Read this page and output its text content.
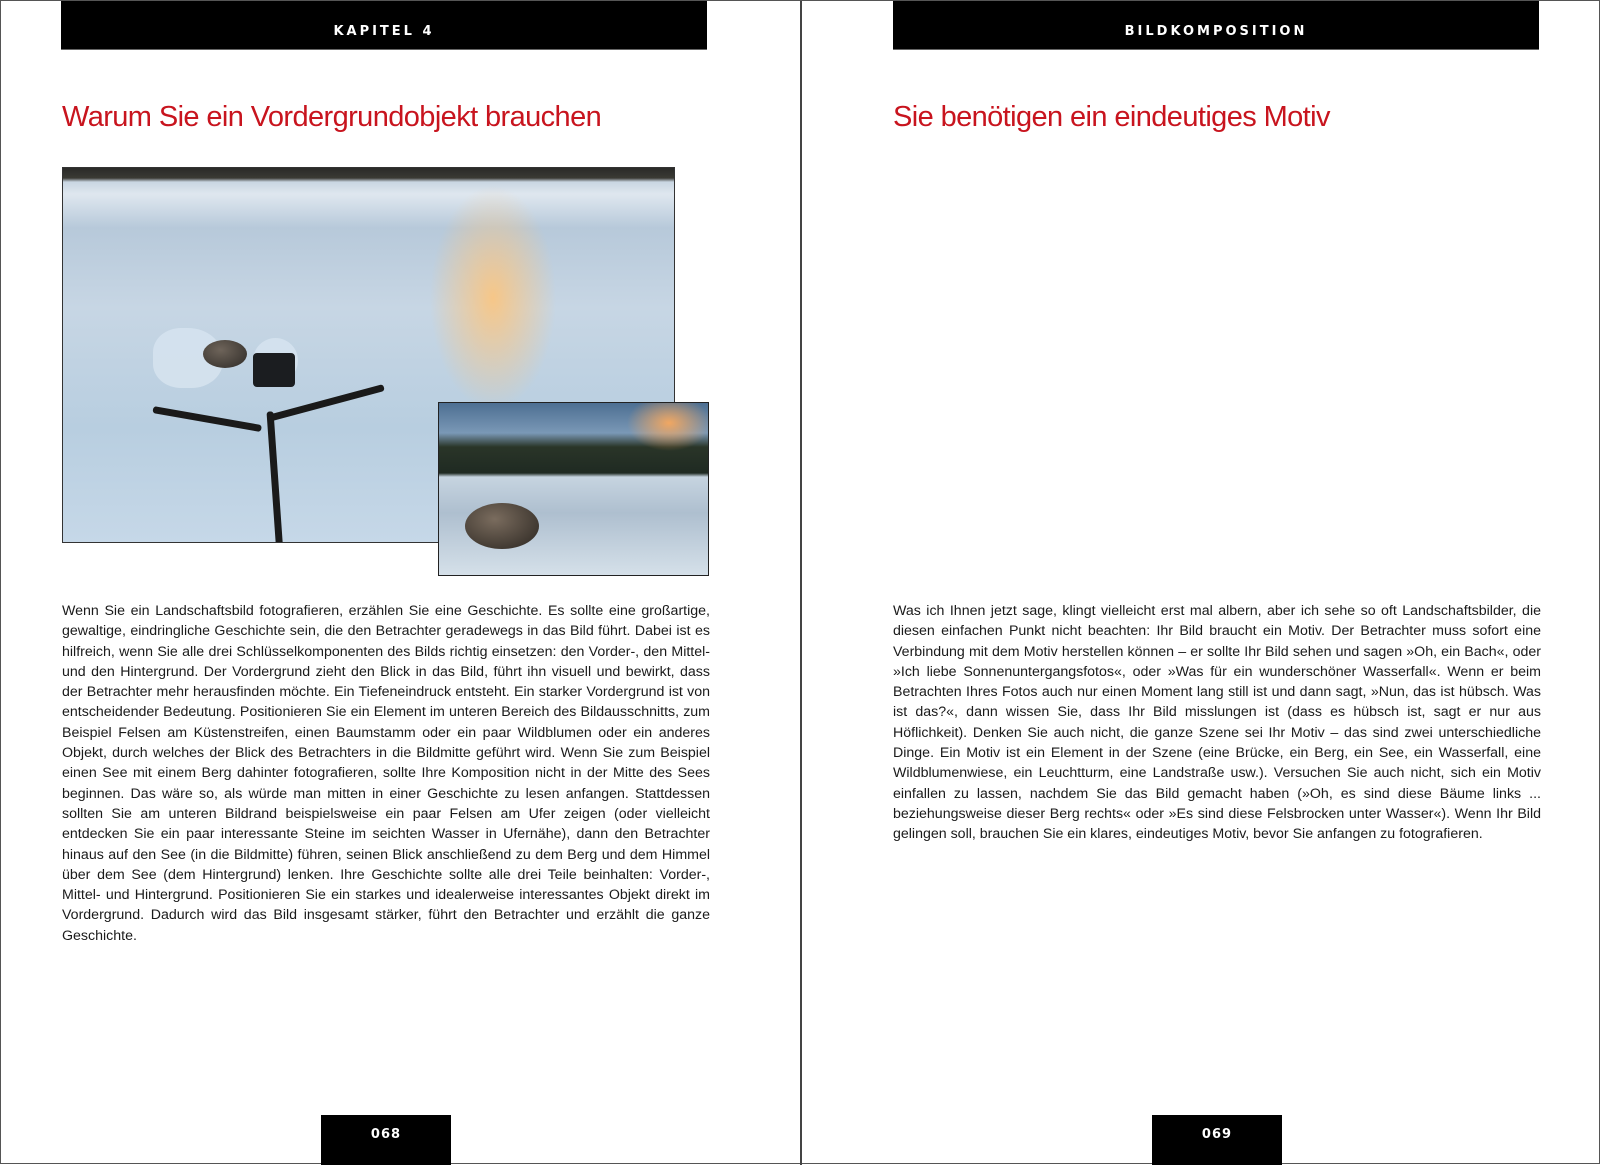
KAPITEL 4
Warum Sie ein Vordergrundobjekt brauchen

Wenn Sie ein Landschaftsbild fotografieren, erzählen Sie eine Geschichte. Es sollte eine großartige, gewaltige, eindringliche Geschichte sein, die den Betrachter geradewegs in das Bild führt. Dabei ist es hilfreich, wenn Sie alle drei Schlüsselkomponenten des Bilds richtig einsetzen: den Vorder-, den Mittel- und den Hintergrund. Der Vordergrund zieht den Blick in das Bild, führt ihn visuell und bewirkt, dass der Betrachter mehr herausfinden möchte. Ein Tiefeneindruck entsteht. Ein starker Vordergrund ist von entscheidender Bedeutung. Positionieren Sie ein Element im unteren Bereich des Bildausschnitts, zum Beispiel Felsen am Küstenstreifen, einen Baumstamm oder ein paar Wildblumen oder ein anderes Objekt, durch welches der Blick des Betrachters in die Bildmitte geführt wird. Wenn Sie zum Beispiel einen See mit einem Berg dahinter fotografieren, sollte Ihre Komposition nicht in der Mitte des Sees beginnen. Das wäre so, als würde man mitten in einer Geschichte zu lesen anfangen. Stattdessen sollten Sie am unteren Bildrand beispielsweise ein paar Felsen am Ufer zeigen (oder vielleicht entdecken Sie ein paar interessante Steine im seichten Wasser in Ufernähe), dann den Betrachter hinaus auf den See (in die Bildmitte) führen, seinen Blick anschließend zu dem Berg und dem Himmel über dem See (dem Hintergrund) lenken. Ihre Geschichte sollte alle drei Teile beinhalten: Vorder-, Mittel- und Hintergrund. Positionieren Sie ein starkes und idealerweise interessantes Objekt direkt im Vordergrund. Dadurch wird das Bild insgesamt stärker, führt den Betrachter und erzählt die ganze Geschichte.

068
BILDKOMPOSITION
Sie benötigen ein eindeutiges Motiv

Was ich Ihnen jetzt sage, klingt vielleicht erst mal albern, aber ich sehe so oft Landschaftsbilder, die diesen einfachen Punkt nicht beachten: Ihr Bild braucht ein Motiv. Der Betrachter muss sofort eine Verbindung mit dem Motiv herstellen können – er sollte Ihr Bild sehen und sagen »Oh, ein Bach«, oder »Ich liebe Sonnenuntergangsfotos«, oder »Was für ein wunderschöner Wasserfall«. Wenn er beim Betrachten Ihres Fotos auch nur einen Moment lang still ist und dann sagt, »Nun, das ist hübsch. Was ist das?«, dann wissen Sie, dass Ihr Bild misslungen ist (dass es hübsch ist, sagt er nur aus Höflichkeit). Denken Sie auch nicht, die ganze Szene sei Ihr Motiv – das sind zwei unterschiedliche Dinge. Ein Motiv ist ein Element in der Szene (eine Brücke, ein Berg, ein See, ein Wasserfall, eine Wildblumenwiese, ein Leuchtturm, eine Landstraße usw.). Versuchen Sie auch nicht, sich ein Motiv einfallen zu lassen, nachdem Sie das Bild gemacht haben (»Oh, es sind diese Bäume links ... beziehungsweise dieser Berg rechts« oder »Es sind diese Felsbrocken unter Wasser«). Wenn Ihr Bild gelingen soll, brauchen Sie ein klares, eindeutiges Motiv, bevor Sie anfangen zu fotografieren.

069
